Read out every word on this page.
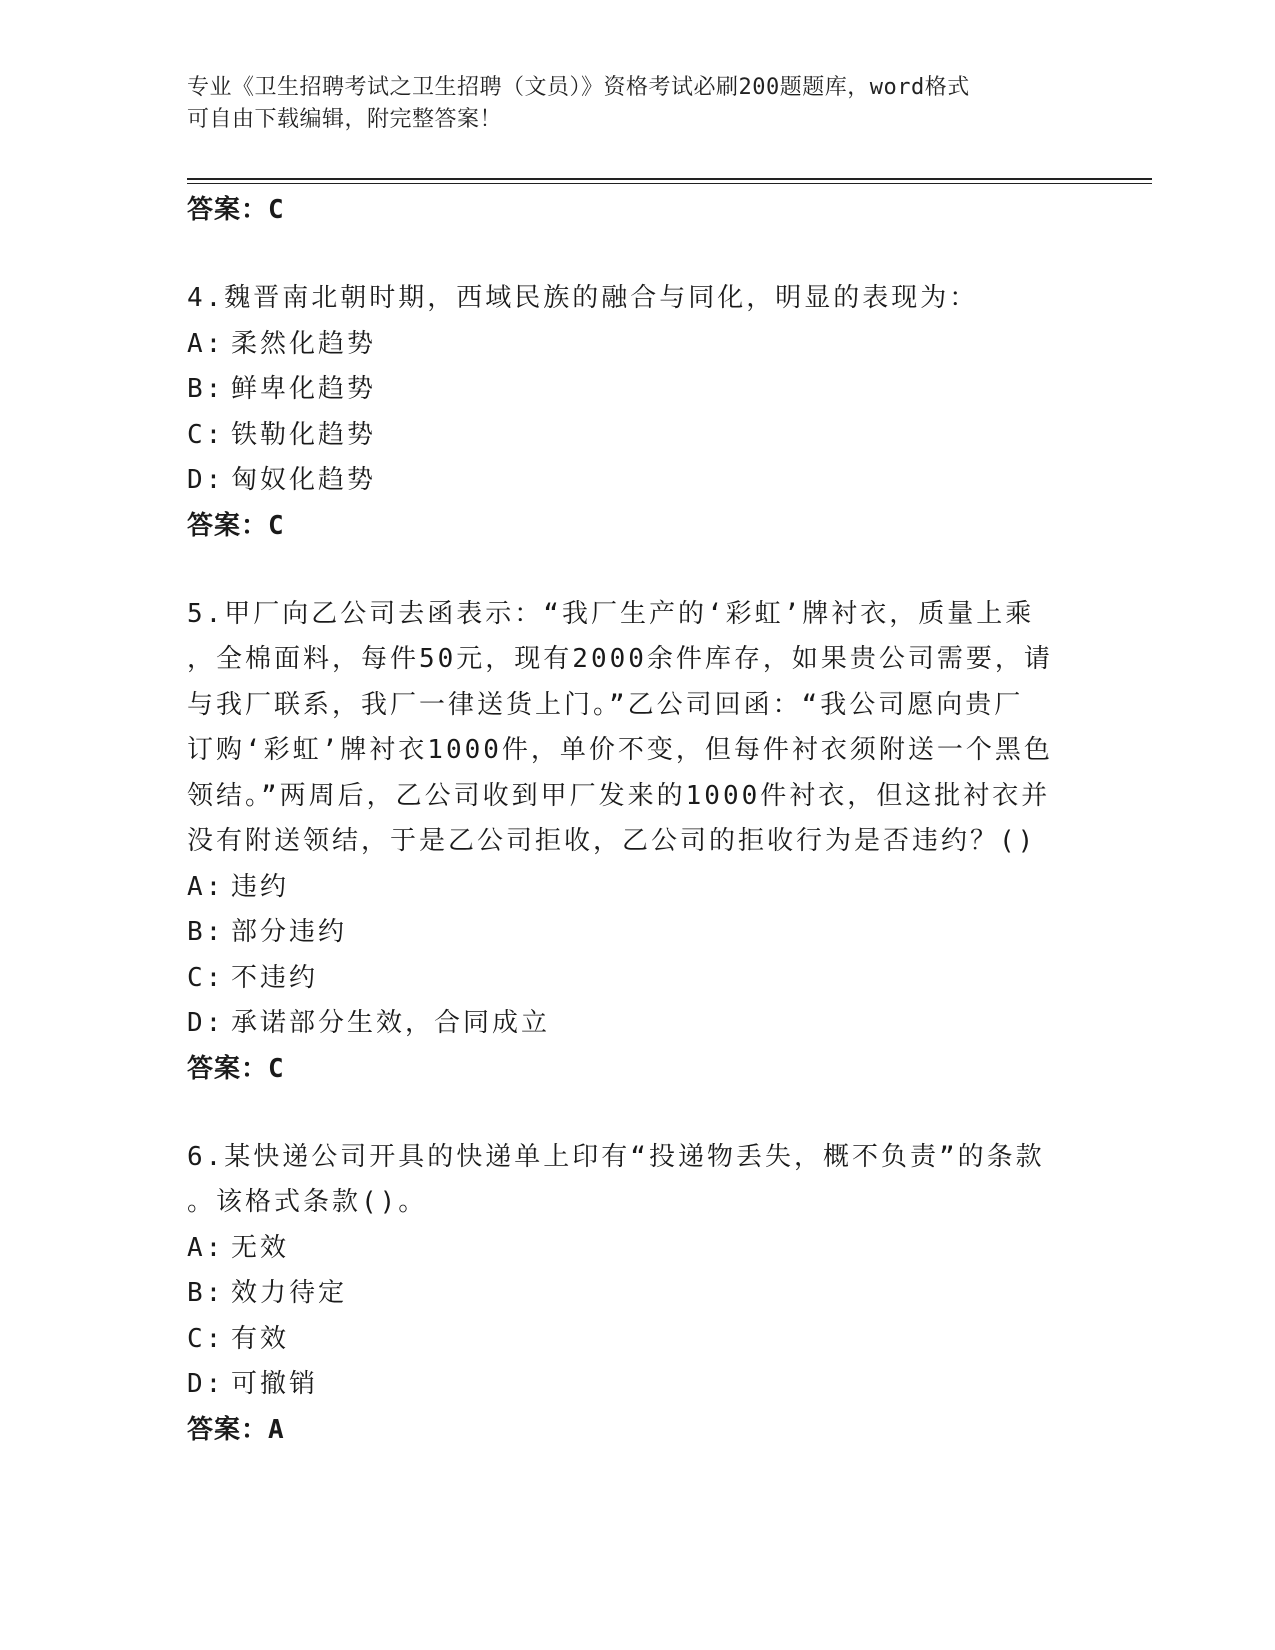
专业《卫生招聘考试之卫生招聘（文员）》资格考试必刷200题题库，word格式
可自由下载编辑，附完整答案！
答案：C
4.魏晋南北朝时期，西域民族的融合与同化，明显的表现为：
A: 柔然化趋势
B: 鲜卑化趋势
C: 铁勒化趋势
D: 匈奴化趋势
答案：C
5.甲厂向乙公司去函表示：“我厂生产的‘彩虹’牌衬衣，质量上乘
，全棉面料，每件50元，现有2000余件库存，如果贵公司需要，请
与我厂联系，我厂一律送货上门。”乙公司回函：“我公司愿向贵厂
订购‘彩虹’牌衬衣1000件，单价不变，但每件衬衣须附送一个黑色
领结。”两周后，乙公司收到甲厂发来的1000件衬衣，但这批衬衣并
没有附送领结，于是乙公司拒收，乙公司的拒收行为是否违约？()
A: 违约
B: 部分违约
C: 不违约
D: 承诺部分生效，合同成立
答案：C
6.某快递公司开具的快递单上印有“投递物丢失，概不负责”的条款
。该格式条款()。
A: 无效
B: 效力待定
C: 有效
D: 可撤销
答案：A
